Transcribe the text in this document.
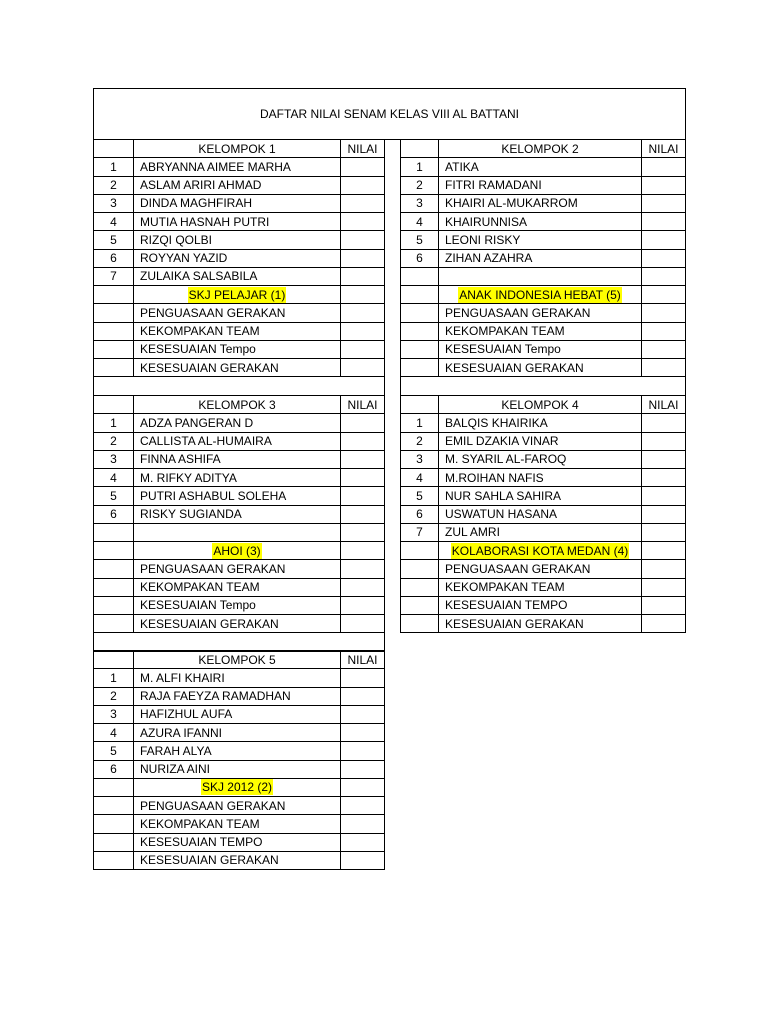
DAFTAR NILAI SENAM KELAS VIII AL BATTANI
KELOMPOK 1	NILAI
1 ABRYANNA AIMEE MARHA
2 ASLAM ARIRI AHMAD
3 DINDA MAGHFIRAH
4 MUTIA HASNAH PUTRI
5 RIZQI QOLBI
6 ROYYAN YAZID
7 ZULAIKA SALSABILA
SKJ PELAJAR (1)
PENGUASAAN GERAKAN
KEKOMPAKAN TEAM
KESESUAIAN Tempo
KESESUAIAN GERAKAN
KELOMPOK 2	NILAI
1 ATIKA
2 FITRI RAMADANI
3 KHAIRI AL-MUKARROM
4 KHAIRUNNISA
5 LEONI RISKY
6 ZIHAN AZAHRA
ANAK INDONESIA HEBAT (5)
PENGUASAAN GERAKAN
KEKOMPAKAN TEAM
KESESUAIAN Tempo
KESESUAIAN GERAKAN
KELOMPOK 3	NILAI
1 ADZA PANGERAN D
2 CALLISTA AL-HUMAIRA
3 FINNA ASHIFA
4 M. RIFKY ADITYA
5 PUTRI ASHABUL SOLEHA
6 RISKY SUGIANDA
AHOI (3)
PENGUASAAN GERAKAN
KEKOMPAKAN TEAM
KESESUAIAN Tempo
KESESUAIAN GERAKAN
KELOMPOK 4	NILAI
1 BALQIS KHAIRIKA
2 EMIL DZAKIA VINAR
3 M. SYARIL AL-FAROQ
4 M.ROIHAN NAFIS
5 NUR SAHLA SAHIRA
6 USWATUN HASANA
7 ZUL AMRI
KOLABORASI KOTA MEDAN (4)
PENGUASAAN GERAKAN
KEKOMPAKAN TEAM
KESESUAIAN TEMPO
KESESUAIAN GERAKAN
KELOMPOK 5	NILAI
1 M. ALFI KHAIRI
2 RAJA FAEYZA RAMADHAN
3 HAFIZHUL AUFA
4 AZURA IFANNI
5 FARAH ALYA
6 NURIZA AINI
SKJ 2012 (2)
PENGUASAAN GERAKAN
KEKOMPAKAN TEAM
KESESUAIAN TEMPO
KESESUAIAN GERAKAN
